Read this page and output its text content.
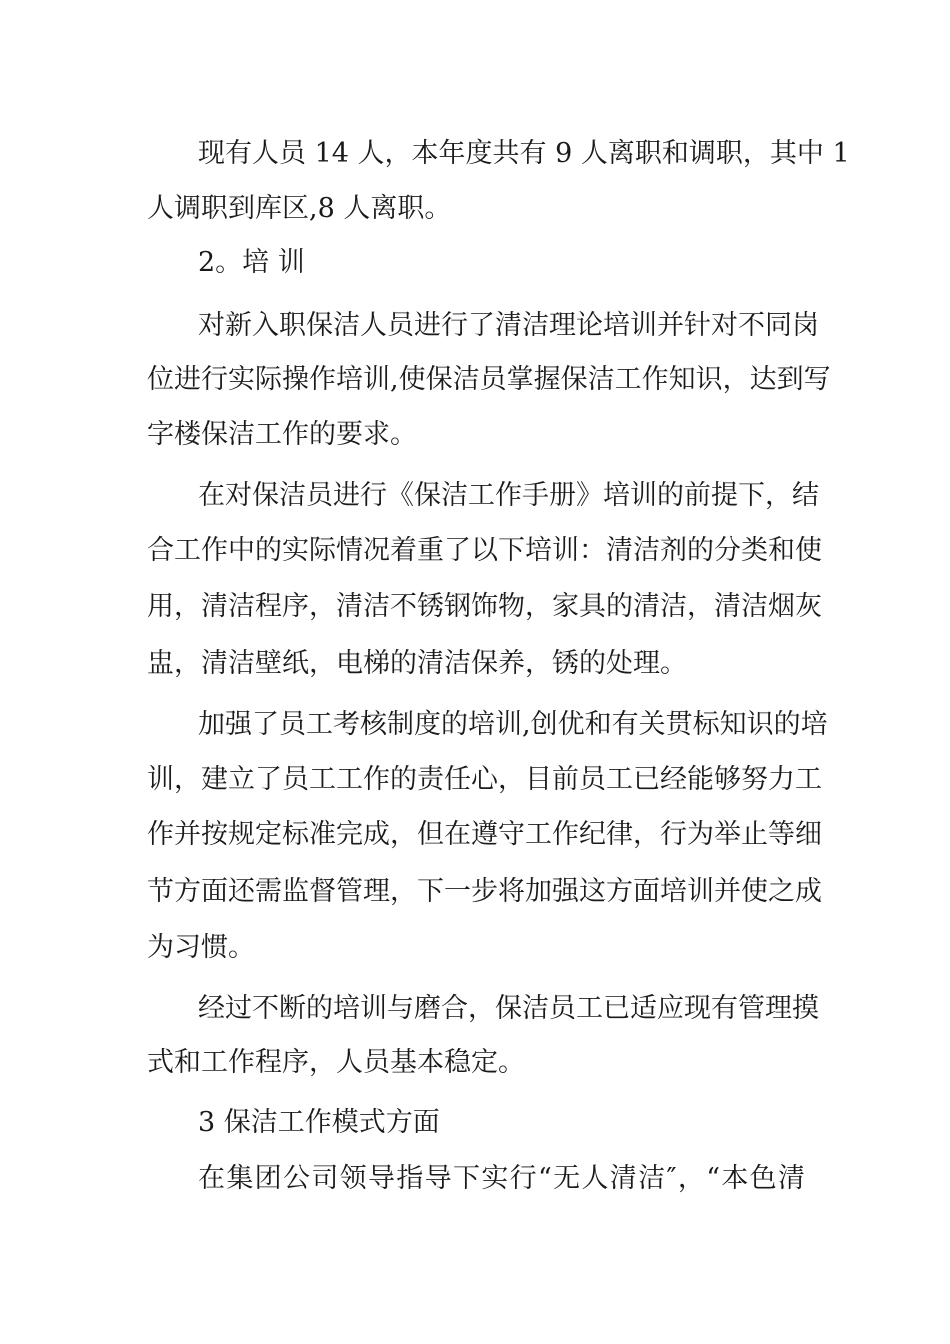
现有人员 14 人，本年度共有 9 人离职和调职，其中 1
人调职到库区,8 人离职。
2。培 训
对新入职保洁人员进行了清洁理论培训并针对不同岗
位进行实际操作培训,使保洁员掌握保洁工作知识，达到写
字楼保洁工作的要求。
在对保洁员进行《保洁工作手册》培训的前提下，结
合工作中的实际情况着重了以下培训：清洁剂的分类和使
用，清洁程序，清洁不锈钢饰物，家具的清洁，清洁烟灰
盅，清洁壁纸，电梯的清洁保养，锈的处理。
加强了员工考核制度的培训,创优和有关贯标知识的培
训，建立了员工工作的责任心，目前员工已经能够努力工
作并按规定标准完成，但在遵守工作纪律，行为举止等细
节方面还需监督管理，下一步将加强这方面培训并使之成
为习惯。
经过不断的培训与磨合，保洁员工已适应现有管理摸
式和工作程序，人员基本稳定。
3 保洁工作模式方面
在集团公司领导指导下实行“无人清洁″，“本色清
